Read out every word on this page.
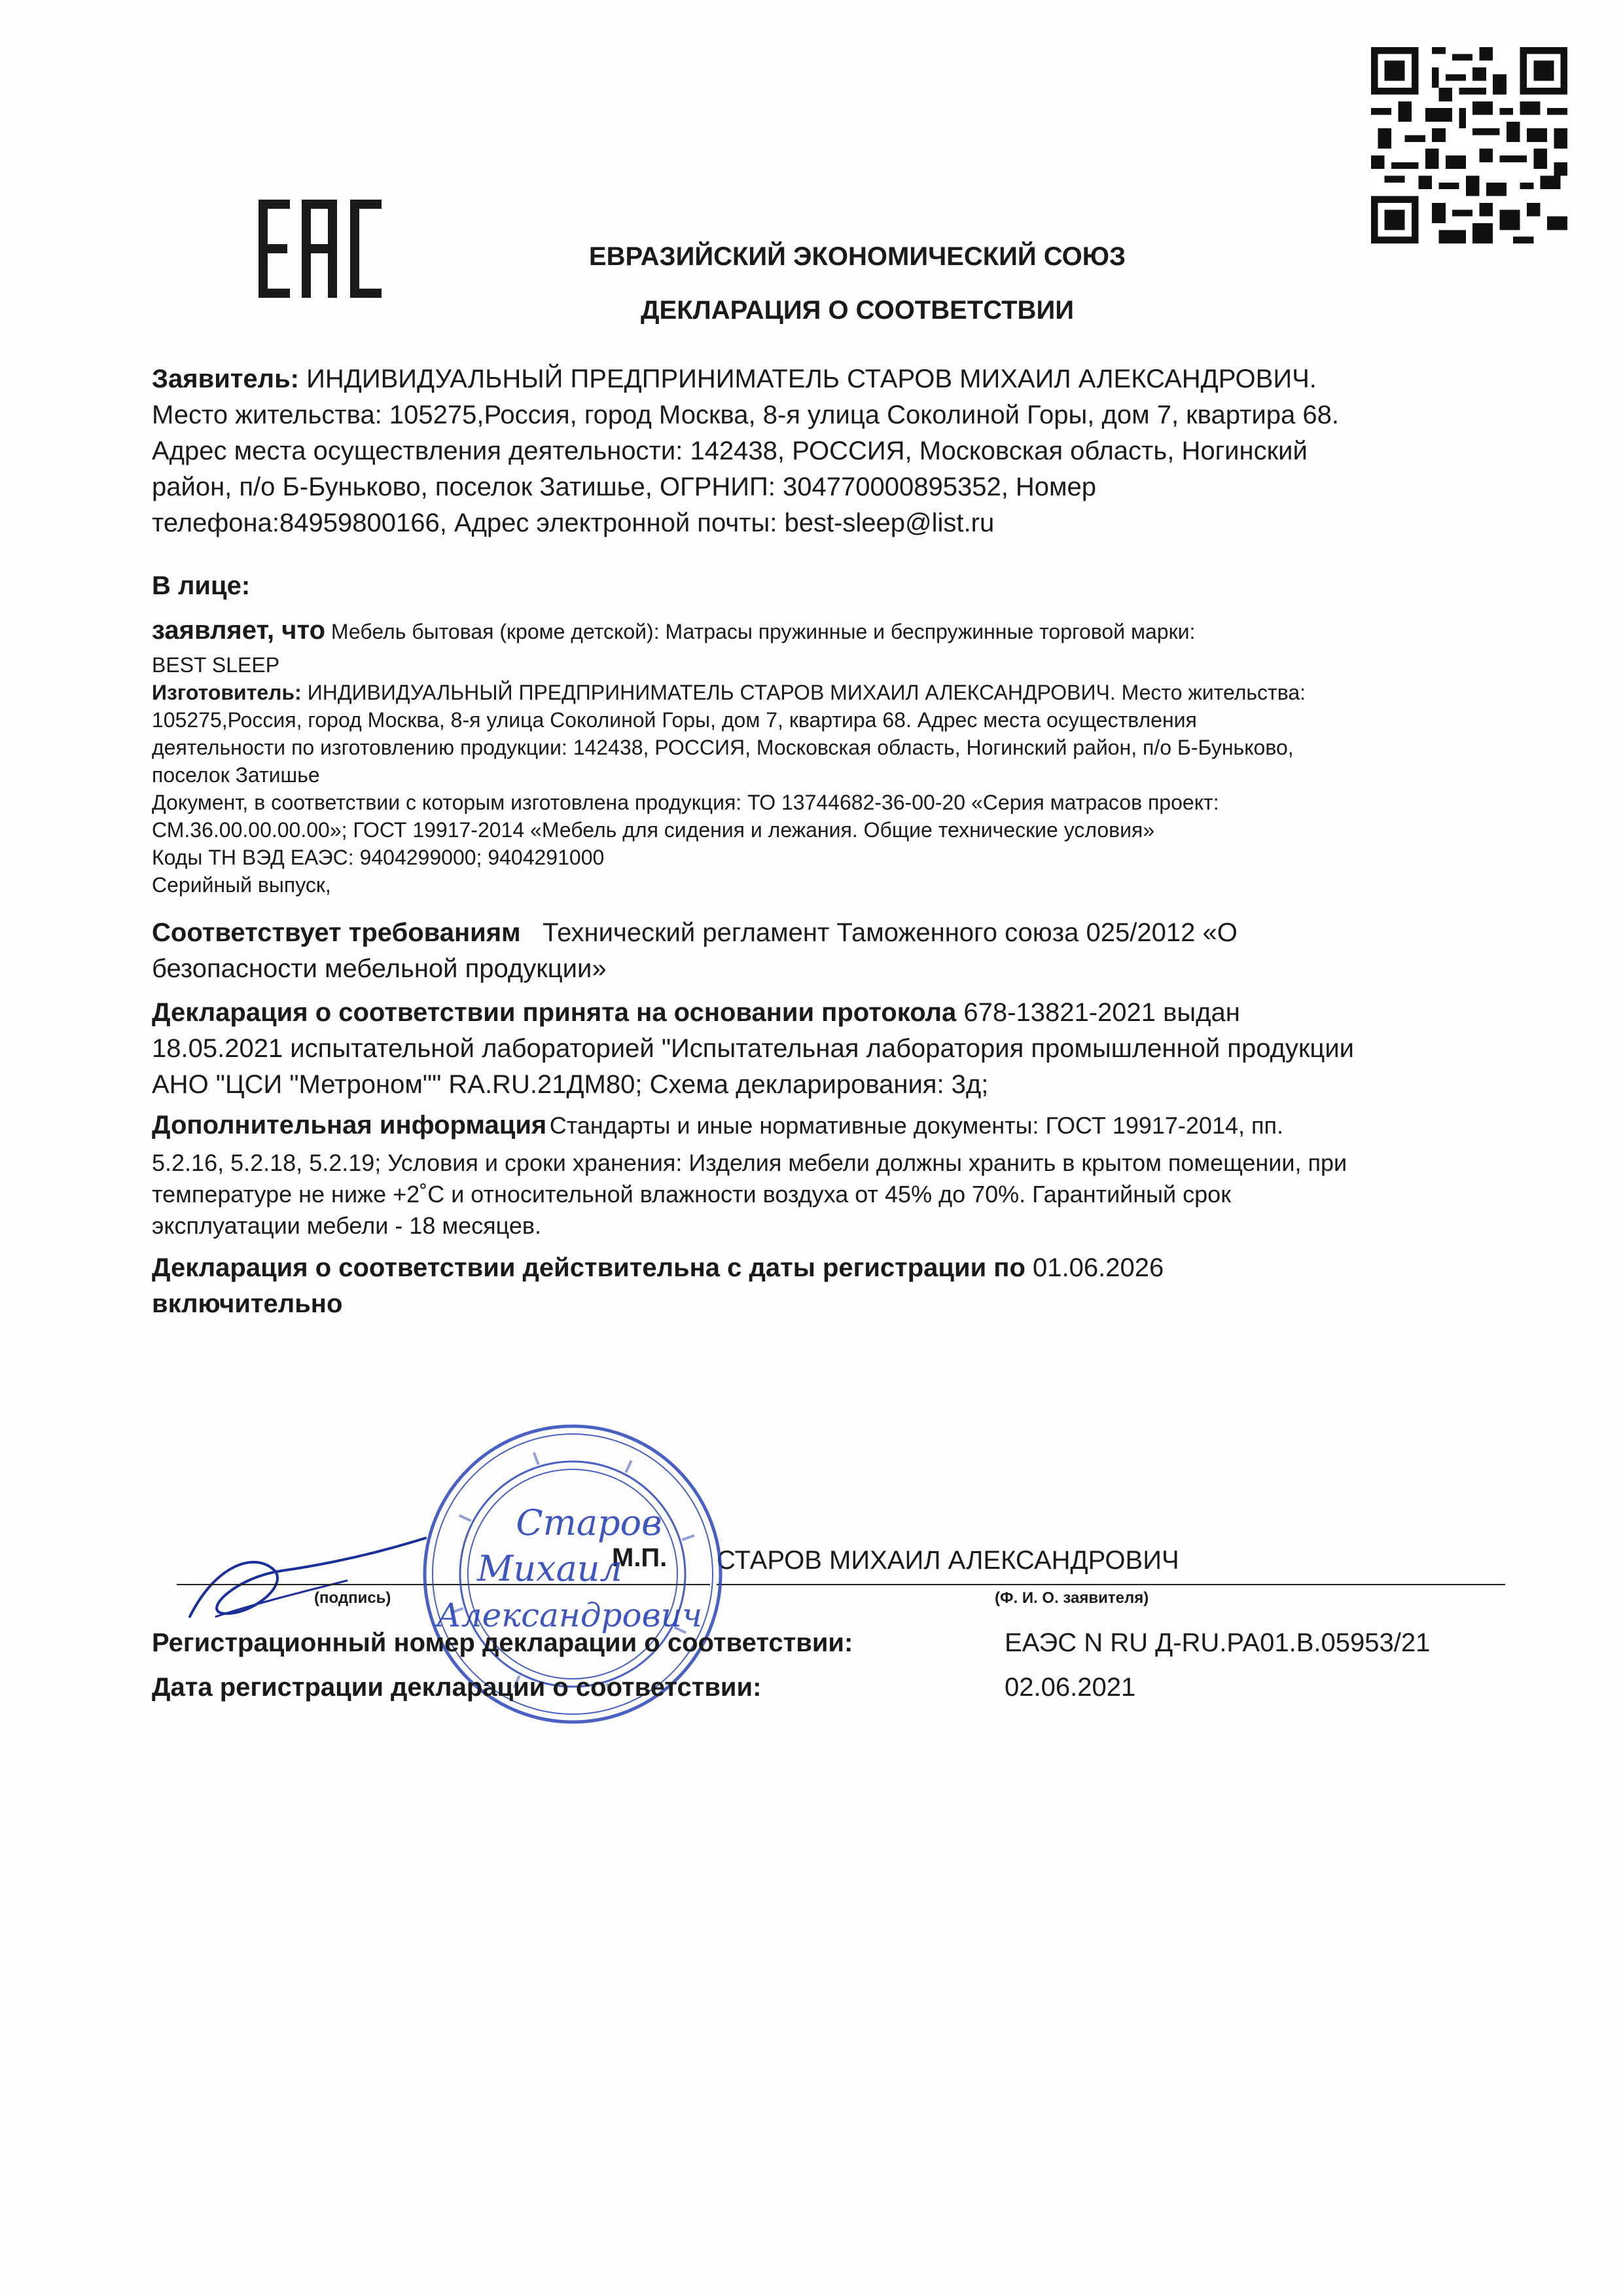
ЕВРАЗИЙСКИЙ ЭКОНОМИЧЕСКИЙ СОЮЗ
ДЕКЛАРАЦИЯ О СООТВЕТСТВИИ
Заявитель: ИНДИВИДУАЛЬНЫЙ ПРЕДПРИНИМАТЕЛЬ СТАРОВ МИХАИЛ АЛЕКСАНДРОВИЧ.
Место жительства: 105275,Россия, город Москва, 8-я улица Соколиной Горы, дом 7, квартира 68.
Адрес места осуществления деятельности: 142438, РОССИЯ, Московская область, Ногинский
район, п/о Б-Буньково, поселок Затишье, ОГРНИП: 304770000895352, Номер
телефона:84959800166, Адрес электронной почты: best-sleep@list.ru
В лице:
заявляет, что Мебель бытовая (кроме детской): Матрасы пружинные и беспружинные торговой марки:
BEST SLEEP
Изготовитель: ИНДИВИДУАЛЬНЫЙ ПРЕДПРИНИМАТЕЛЬ СТАРОВ МИХАИЛ АЛЕКСАНДРОВИЧ. Место жительства:
105275,Россия, город Москва, 8-я улица Соколиной Горы, дом 7, квартира 68. Адрес места осуществления
деятельности по изготовлению продукции: 142438, РОССИЯ, Московская область, Ногинский район, п/о Б-Буньково,
поселок Затишье
Документ, в соответствии с которым изготовлена продукция: ТО 13744682-36-00-20 «Серия матрасов проект:
СМ.36.00.00.00.00»; ГОСТ 19917-2014 «Мебель для сидения и лежания. Общие технические условия»
Коды ТН ВЭД ЕАЭС: 9404299000; 9404291000
Серийный выпуск,
Соответствует требованиям Технический регламент Таможенного союза 025/2012 «О
безопасности мебельной продукции»
Декларация о соответствии принята на основании протокола 678-13821-2021 выдан
18.05.2021 испытательной лабораторией "Испытательная лаборатория промышленной продукции
АНО "ЦСИ "Метроном"" RA.RU.21ДМ80; Схема декларирования: 3д;
Дополнительная информация Стандарты и иные нормативные документы: ГОСТ 19917-2014, пп.
5.2.16, 5.2.18, 5.2.19; Условия и сроки хранения: Изделия мебели должны хранить в крытом помещении, при
температуре не ниже +2˚С и относительной влажности воздуха от 45% до 70%. Гарантийный срок
эксплуатации мебели - 18 месяцев.
Декларация о соответствии действительна с даты регистрации по 01.06.2026
включительно
М.П. СТАРОВ МИХАИЛ АЛЕКСАНДРОВИЧ
(подпись)	(Ф. И. О. заявителя)
Старов
Михаил
Александрович
Регистрационный номер декларации о соответствии:	ЕАЭС N RU Д-RU.РА01.В.05953/21
Дата регистрации декларации о соответствии:	02.06.2021
